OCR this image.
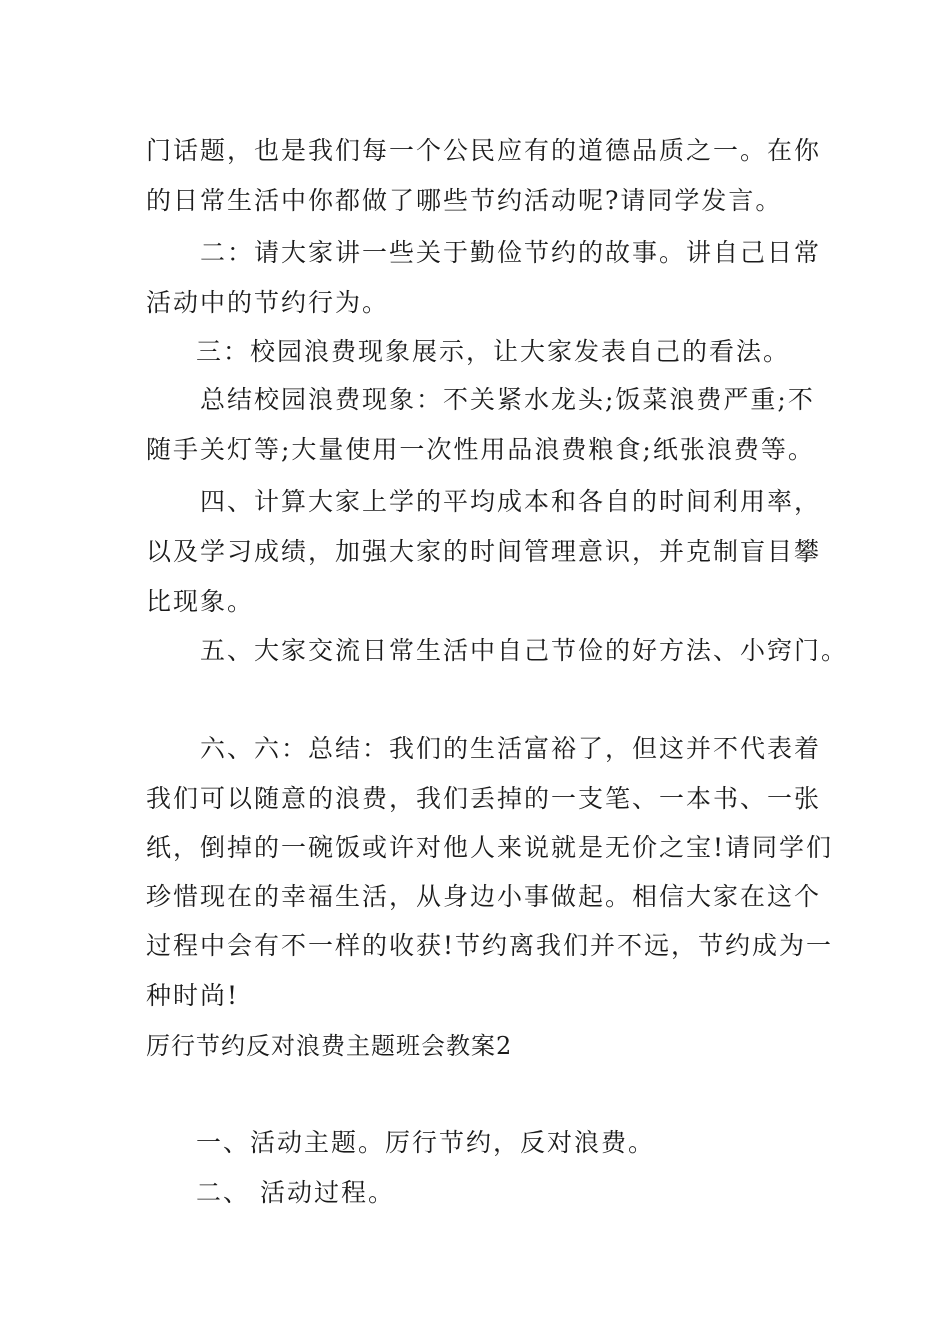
门话题，也是我们每一个公民应有的道德品质之一。在你
的日常生活中你都做了哪些节约活动呢?请同学发言。
二：请大家讲一些关于勤俭节约的故事。讲自己日常
活动中的节约行为。
三：校园浪费现象展示，让大家发表自己的看法。
总结校园浪费现象：不关紧水龙头;饭菜浪费严重;不
随手关灯等;大量使用一次性用品浪费粮食;纸张浪费等。
四、计算大家上学的平均成本和各自的时间利用率，
以及学习成绩，加强大家的时间管理意识，并克制盲目攀
比现象。
五、大家交流日常生活中自己节俭的好方法、小窍门。
六、六：总结：我们的生活富裕了，但这并不代表着
我们可以随意的浪费，我们丢掉的一支笔、一本书、一张
纸，倒掉的一碗饭或许对他人来说就是无价之宝!请同学们
珍惜现在的幸福生活，从身边小事做起。相信大家在这个
过程中会有不一样的收获!节约离我们并不远，节约成为一
种时尚!
厉行节约反对浪费主题班会教案2
一、活动主题。厉行节约，反对浪费。
二、 活动过程。
